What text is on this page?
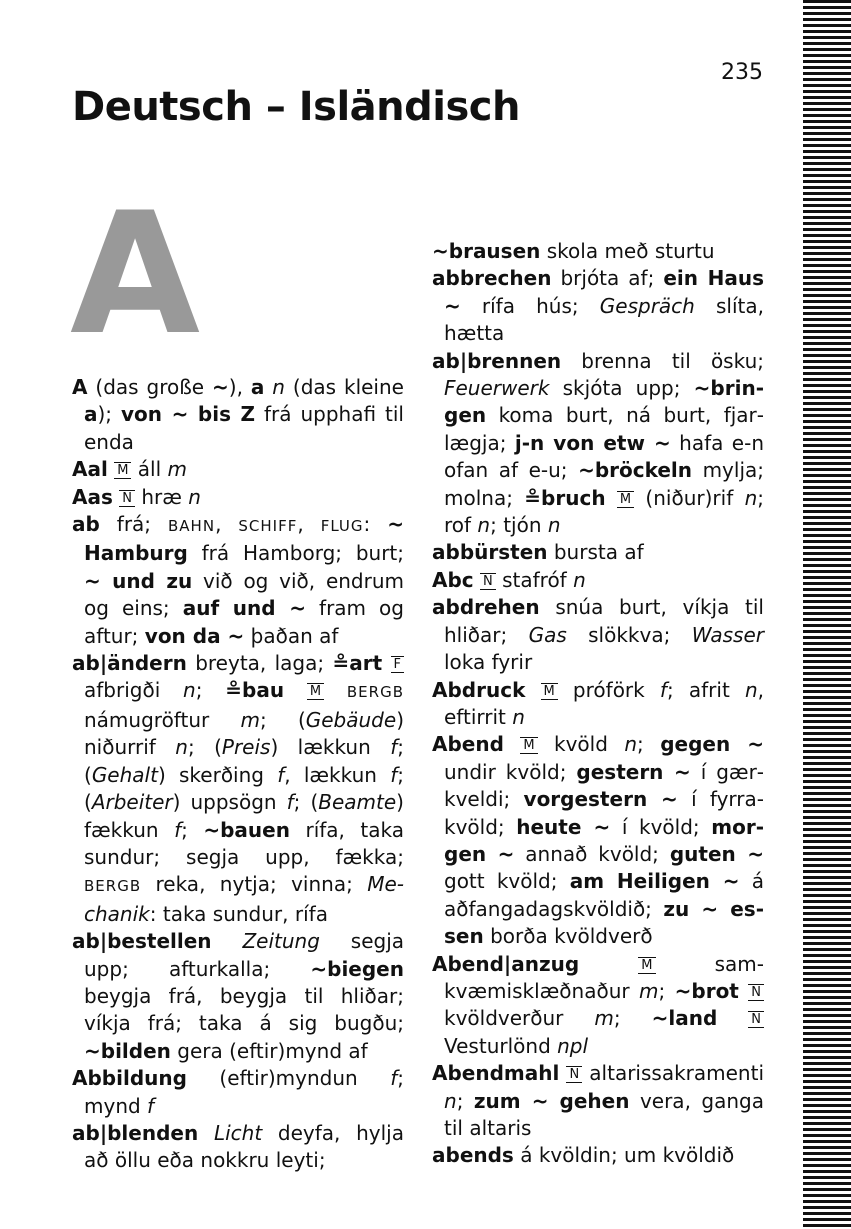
235
Deutsch – Isländisch
A

A (das große ~), a n (das kleine a); von ~ bis Z frá upphafi til enda

Aal M áll m

Aas N hræ n

ab frá; BAHN, SCHIFF, FLUG: ~ Hamburg frá Hamborg; burt; ~ und zu við og við, endrum og eins; auf und ~ fram og aftur; von da ~ þaðan af

ab|ändern breyta, laga; ≗art F afbrigði n; ≗bau M BERGB námugröftur m; (Gebäude) niðurrif n; (Preis) lækkun f; (Gehalt) skerðing f, lækkun f; (Arbeiter) uppsögn f; (Beamte) fækkun f; ~bauen rífa, taka sundur; segja upp, fækka; BERGB reka, nytja; vinna; Mechanik: taka sundur, rífa

ab|bestellen Zeitung segja upp; afturkalla; ~biegen beygja frá, beygja til hliðar; víkja frá; taka á sig bugðu; ~bilden gera (eftir)mynd af

Abbildung (eftir)myndun f; mynd f

ab|blenden Licht deyfa, hylja að öllu eða nokkru leyti;

~brausen skola með sturtu

abbrechen brjóta af; ein Haus ~ rífa hús; Gespräch slíta, hætta

ab|brennen brenna til ösku; Feuerwerk skjóta upp; ~bringen koma burt, ná burt, fjarlægja; j-n von etw ~ hafa e-n ofan af e-u; ~bröckeln mylja; molna; ≗bruch M (niður)rif n; rof n; tjón n

abbürsten bursta af

Abc N stafróf n

abdrehen snúa burt, víkja til hliðar; Gas slökkva; Wasser loka fyrir

Abdruck M próförk f; afrit n, eftirrit n

Abend M kvöld n; gegen ~ undir kvöld; gestern ~ í gærkveldi; vorgestern ~ í fyrrakvöld; heute ~ í kvöld; morgen ~ annað kvöld; guten ~ gott kvöld; am Heiligen ~ á aðfangadagskvöldið; zu ~ essen borða kvöldverð

Abend|anzug	M samkvæmisklæðnaður m; ~brot N kvöldverður m; ~land	N Vesturlönd npl

Abendmahl N altarissakramenti n; zum ~ gehen vera, ganga til altaris

abends á kvöldin; um kvöldið
